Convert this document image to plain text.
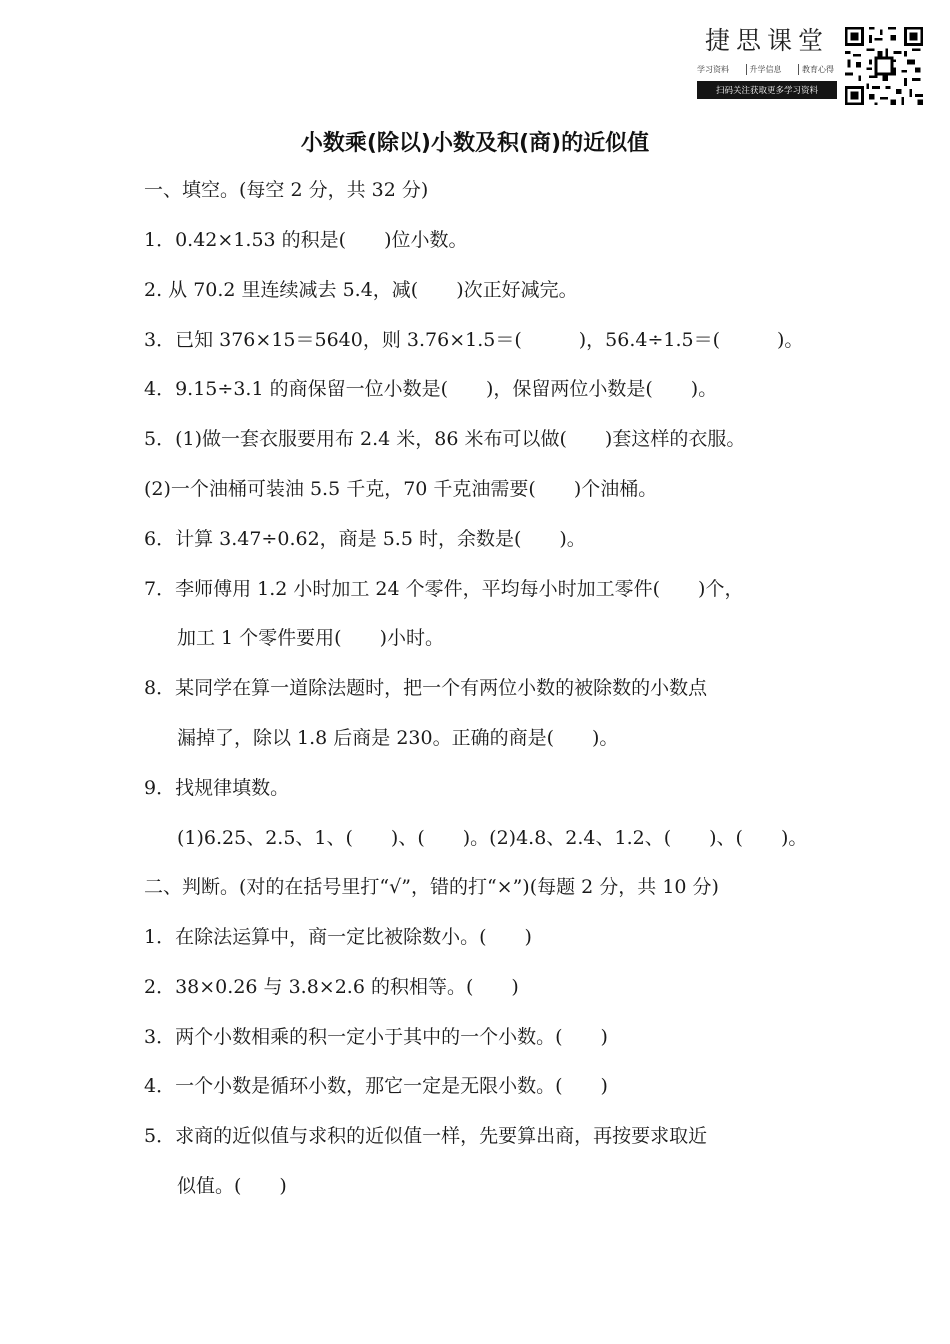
捷思课堂
学习资料	升学信息	教育心得
扫码关注获取更多学习资料
小数乘(除以)小数及积(商)的近似值
一、填空。(每空 2 分，共 32 分)
1．0.42×1.53 的积是(　　)位小数。
2. 从 70.2 里连续减去 5.4，减(　　)次正好减完。
3．已知 376×15＝5640，则 3.76×1.5＝(　　　)，56.4÷1.5＝(　　　)。
4．9.15÷3.1 的商保留一位小数是(　　)，保留两位小数是(　　)。
5．(1)做一套衣服要用布 2.4 米，86 米布可以做(　　)套这样的衣服。
(2)一个油桶可装油 5.5 千克，70 千克油需要(　　)个油桶。
6．计算 3.47÷0.62，商是 5.5 时，余数是(　　)。
7．李师傅用 1.2 小时加工 24 个零件，平均每小时加工零件(　　)个，
加工 1 个零件要用(　　)小时。
8．某同学在算一道除法题时，把一个有两位小数的被除数的小数点
漏掉了，除以 1.8 后商是 230。正确的商是(　　)。
9．找规律填数。
(1)6.25、2.5、1、(　　)、(　　)。(2)4.8、2.4、1.2、(　　)、(　　)。
二、判断。(对的在括号里打“√”，错的打“×”)(每题 2 分，共 10 分)
1．在除法运算中，商一定比被除数小。(　　)
2．38×0.26 与 3.8×2.6 的积相等。(　　)
3．两个小数相乘的积一定小于其中的一个小数。(　　)
4．一个小数是循环小数，那它一定是无限小数。(　　)
5．求商的近似值与求积的近似值一样，先要算出商，再按要求取近
似值。(　　)
